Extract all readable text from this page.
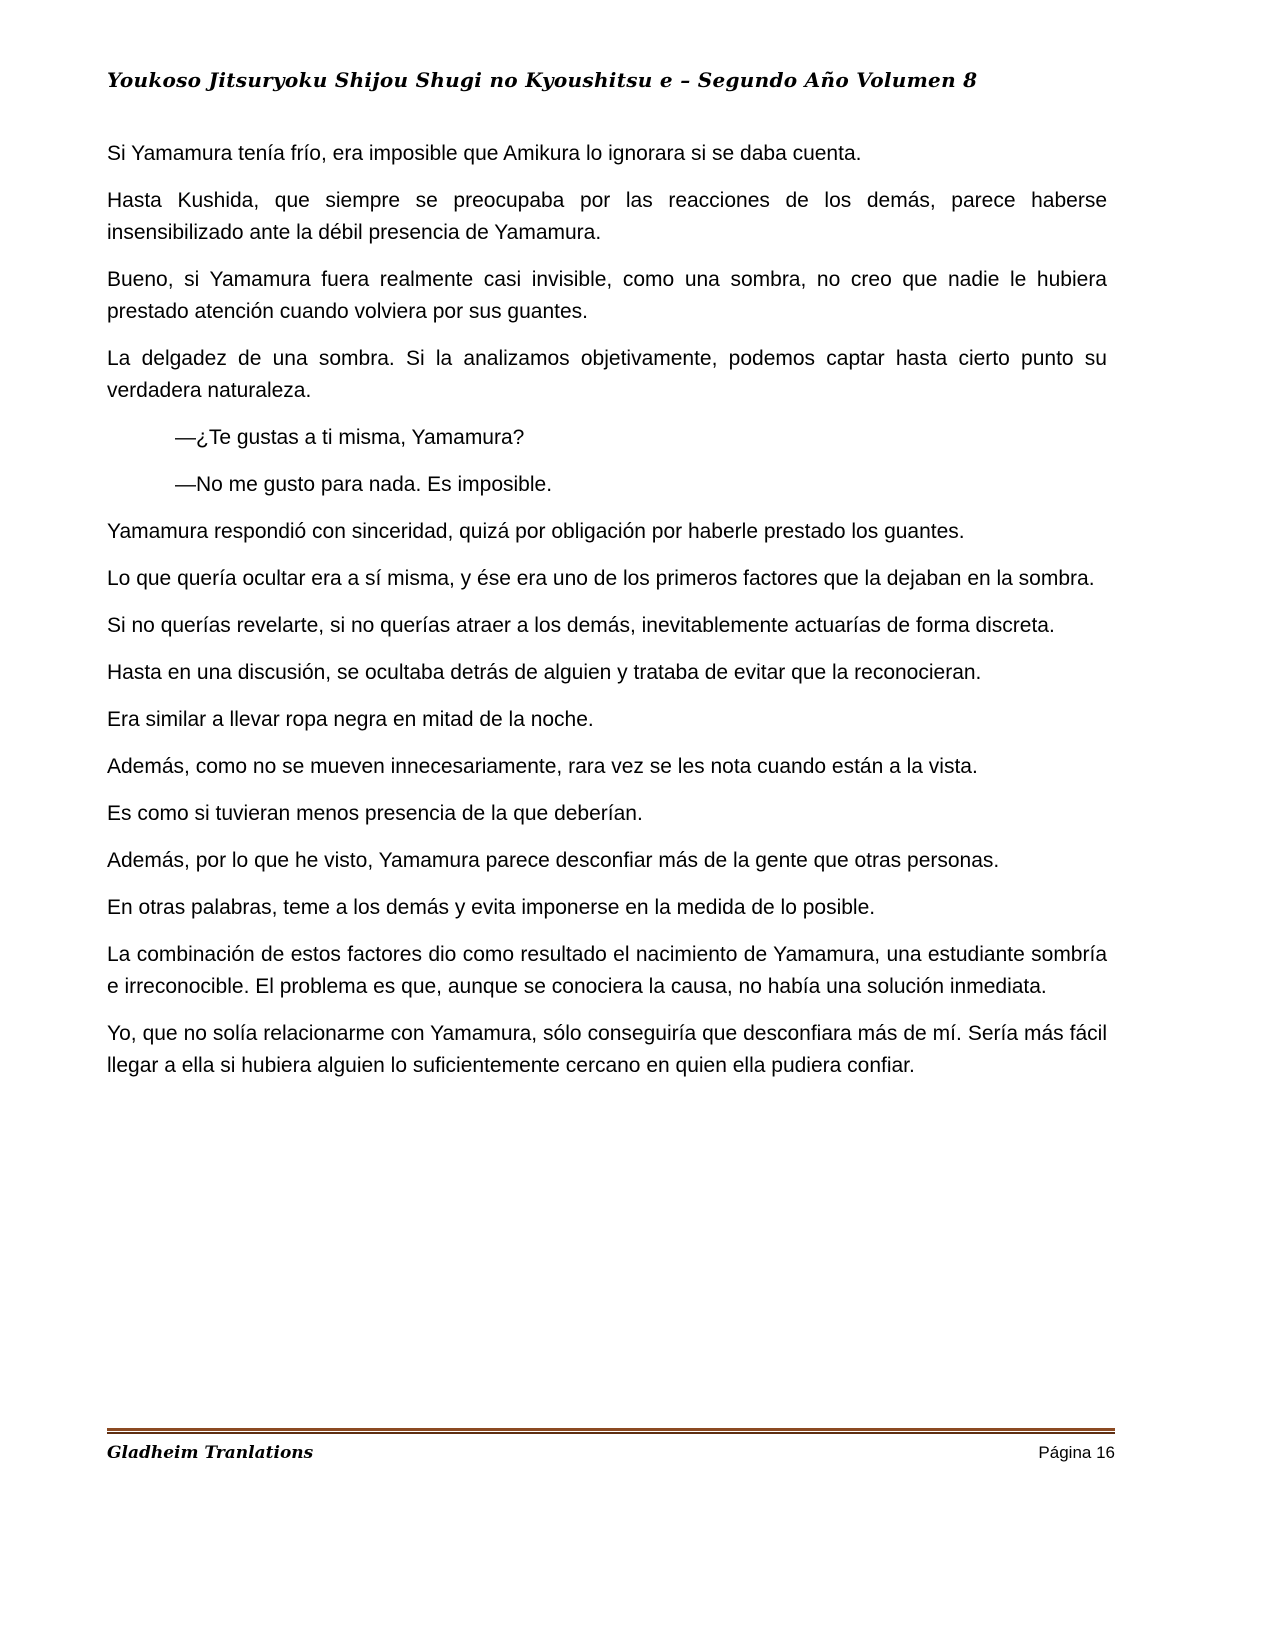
Youkoso Jitsuryoku Shijou Shugi no Kyoushitsu e – Segundo Año Volumen 8

Si Yamamura tenía frío, era imposible que Amikura lo ignorara si se daba cuenta.

Hasta Kushida, que siempre se preocupaba por las reacciones de los demás, parece haberse insensibilizado ante la débil presencia de Yamamura.

Bueno, si Yamamura fuera realmente casi invisible, como una sombra, no creo que nadie le hubiera prestado atención cuando volviera por sus guantes.

La delgadez de una sombra. Si la analizamos objetivamente, podemos captar hasta cierto punto su verdadera naturaleza.

—¿Te gustas a ti misma, Yamamura?

—No me gusto para nada. Es imposible.

Yamamura respondió con sinceridad, quizá por obligación por haberle prestado los guantes.

Lo que quería ocultar era a sí misma, y ése era uno de los primeros factores que la dejaban en la sombra.

Si no querías revelarte, si no querías atraer a los demás, inevitablemente actuarías de forma discreta.

Hasta en una discusión, se ocultaba detrás de alguien y trataba de evitar que la reconocieran.

Era similar a llevar ropa negra en mitad de la noche.

Además, como no se mueven innecesariamente, rara vez se les nota cuando están a la vista.

Es como si tuvieran menos presencia de la que deberían.

Además, por lo que he visto, Yamamura parece desconfiar más de la gente que otras personas.

En otras palabras, teme a los demás y evita imponerse en la medida de lo posible.

La combinación de estos factores dio como resultado el nacimiento de Yamamura, una estudiante sombría e irreconocible. El problema es que, aunque se conociera la causa, no había una solución inmediata.

Yo, que no solía relacionarme con Yamamura, sólo conseguiría que desconfiara más de mí. Sería más fácil llegar a ella si hubiera alguien lo suficientemente cercano en quien ella pudiera confiar.

Gladheim Tranlations	Página 16
